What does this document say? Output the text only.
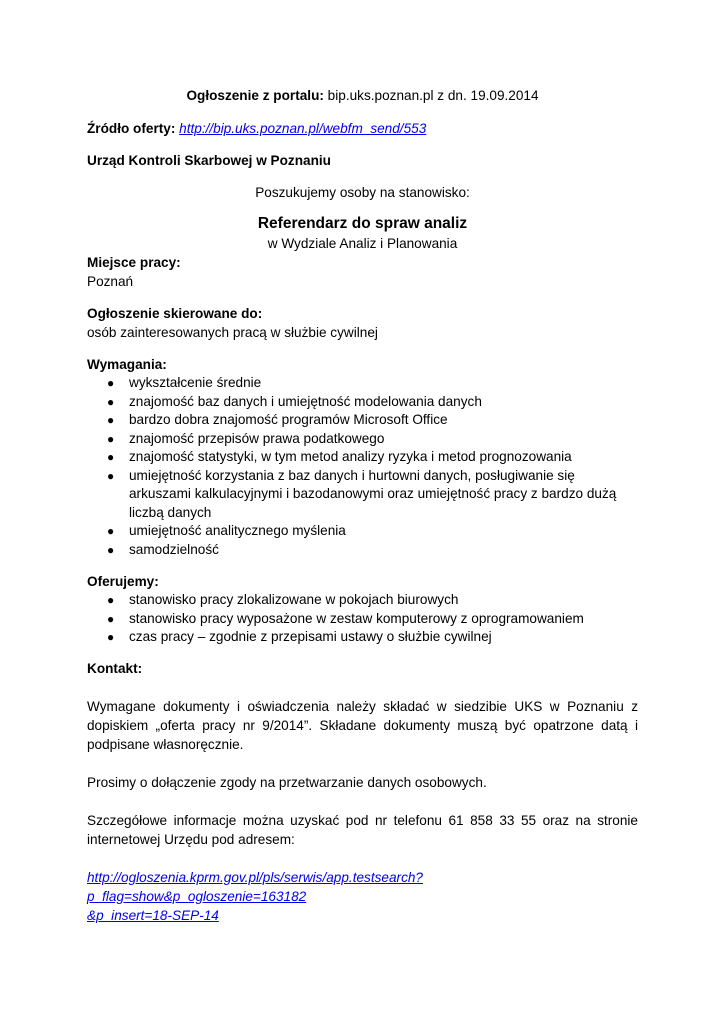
Ogłoszenie z portalu: bip.uks.poznan.pl z dn. 19.09.2014

Źródło oferty: http://bip.uks.poznan.pl/webfm_send/553

Urząd Kontroli Skarbowej w Poznaniu

Poszukujemy osoby na stanowisko:

Referendarz do spraw analiz

w Wydziale Analiz i Planowania

Miejsce pracy:

Poznań

Ogłoszenie skierowane do:

osób zainteresowanych pracą w służbie cywilnej

Wymagania:

● wykształcenie średnie
● znajomość baz danych i umiejętność modelowania danych
● bardzo dobra znajomość programów Microsoft Office
● znajomość przepisów prawa podatkowego
● znajomość statystyki, w tym metod analizy ryzyka i metod prognozowania
● umiejętność korzystania z baz danych i hurtowni danych, posługiwanie się arkuszami kalkulacyjnymi i bazodanowymi oraz umiejętność pracy z bardzo dużą liczbą danych
● umiejętność analitycznego myślenia
● samodzielność

Oferujemy:

● stanowisko pracy zlokalizowane w pokojach biurowych
● stanowisko pracy wyposażone w zestaw komputerowy z oprogramowaniem
● czas pracy – zgodnie z przepisami ustawy o służbie cywilnej

Kontakt:

Wymagane dokumenty i oświadczenia należy składać w siedzibie UKS w Poznaniu z dopiskiem „oferta pracy nr 9/2014”. Składane dokumenty muszą być opatrzone datą i podpisane własnoręcznie.

Prosimy o dołączenie zgody na przetwarzanie danych osobowych.

Szczegółowe informacje można uzyskać pod nr telefonu 61 858 33 55 oraz na stronie internetowej Urzędu pod adresem:

http://ogloszenia.kprm.gov.pl/pls/serwis/app.testsearch?p_flag=show&p_ogloszenie=163182
&p_insert=18-SEP-14
